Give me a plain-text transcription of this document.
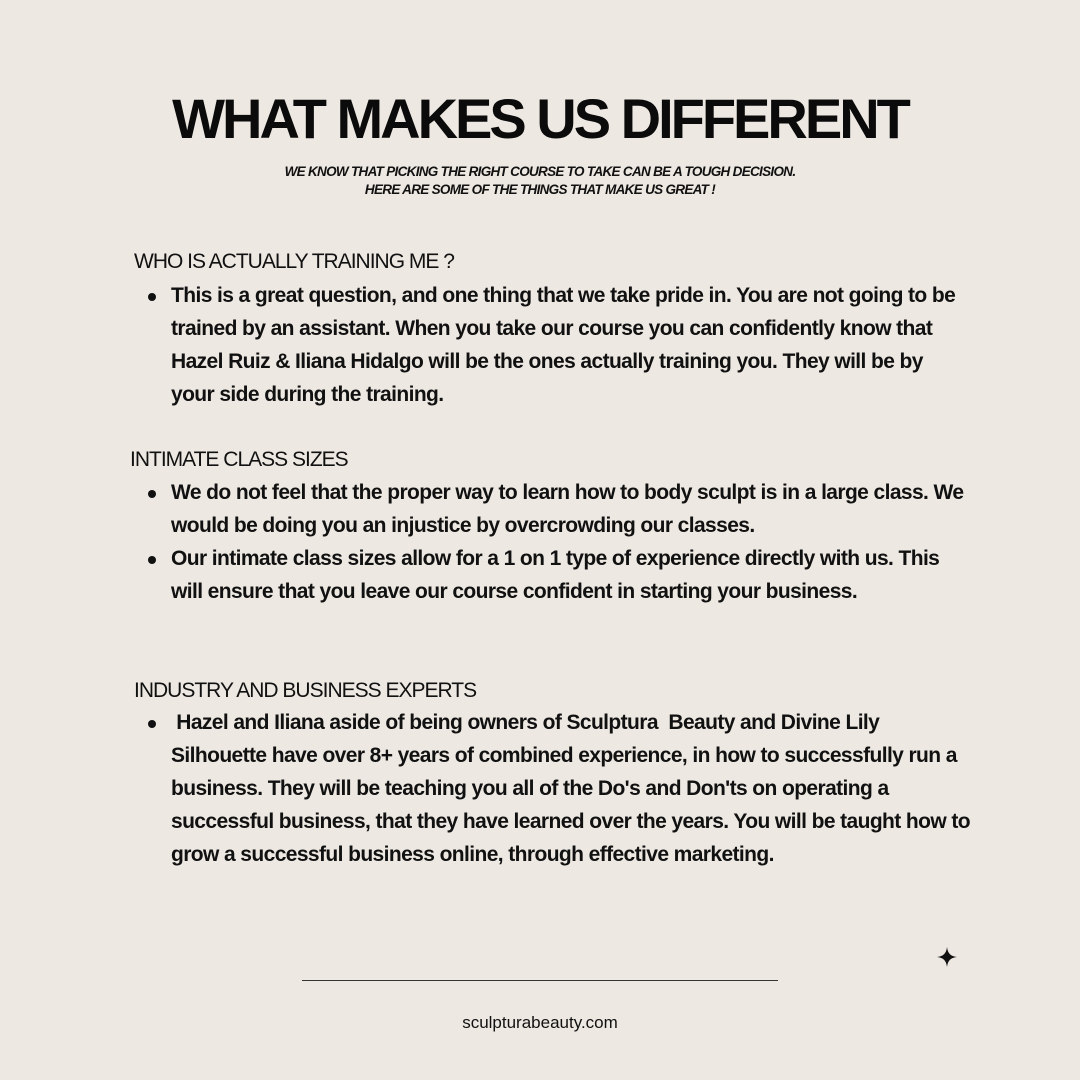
WHAT MAKES US DIFFERENT

WE KNOW THAT PICKING THE RIGHT COURSE TO TAKE CAN BE A TOUGH DECISION.

HERE ARE SOME OF THE THINGS THAT MAKE US GREAT !

WHO IS ACTUALLY TRAINING ME ?

This is a great question, and one thing that we take pride in. You are not going to be trained by an assistant. When you take our course you can confidently know that Hazel Ruiz & Iliana Hidalgo will be the ones actually training you. They will be by your side during the training.

INTIMATE CLASS SIZES

We do not feel that the proper way to learn how to body sculpt is in a large class. We would be doing you an injustice by overcrowding our classes.

Our intimate class sizes allow for a 1 on 1 type of experience directly with us. This will ensure that you leave our course confident in starting your business.

INDUSTRY AND BUSINESS EXPERTS

Hazel and Iliana aside of being owners of Sculptura  Beauty and Divine Lily Silhouette have over 8+ years of combined experience, in how to successfully run a business. They will be teaching you all of the Do's and Don'ts on operating a successful business, that they have learned over the years. You will be taught how to grow a successful business online, through effective marketing.

sculpturabeauty.com
